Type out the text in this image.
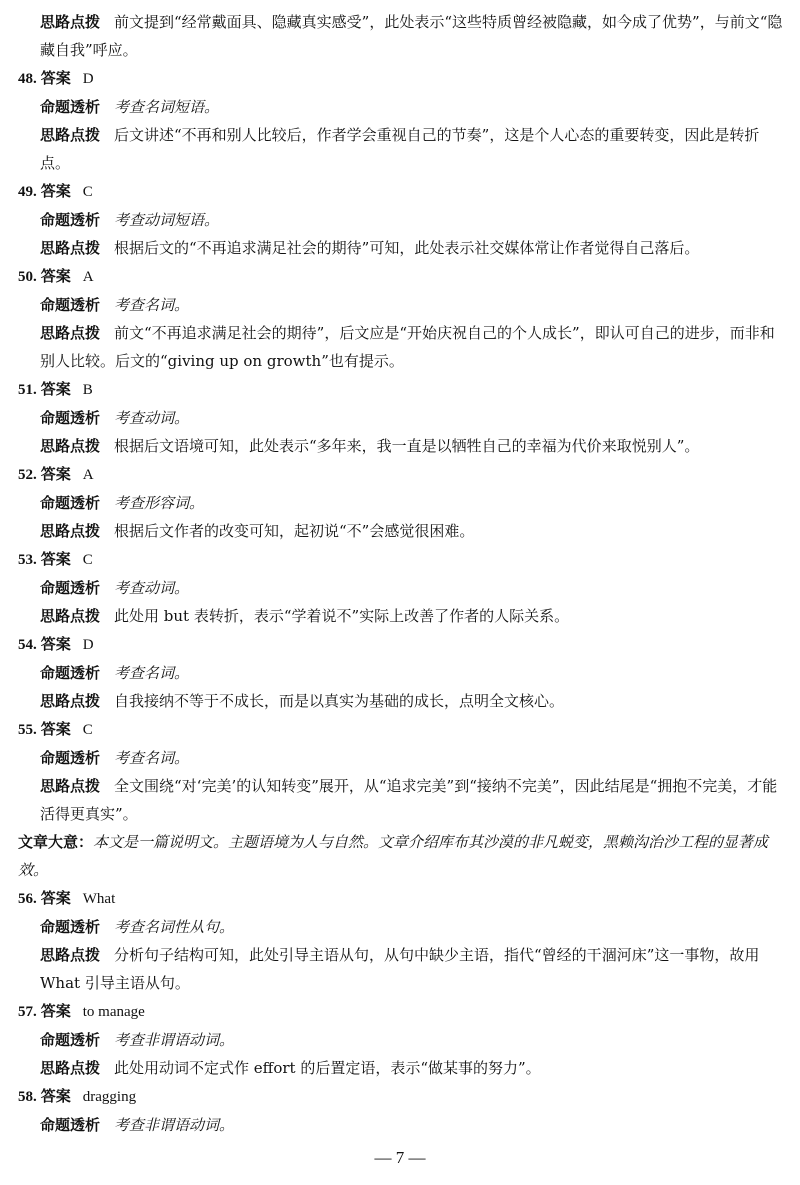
思路点拨 前文提到“经常戴面具、隐藏真实感受”，此处表示“这些特质曾经被隐藏，如今成了优势”，与前文“隐藏自我”呼应。
48. 答案 D
命题透析 考查名词短语。
思路点拨 后文讲述“不再和别人比较后，作者学会重视自己的节奏”，这是个人心态的重要转变，因此是转折点。
49. 答案 C
命题透析 考查动词短语。
思路点拨 根据后文的“不再追求满足社会的期待”可知，此处表示社交媒体常让作者觉得自己落后。
50. 答案 A
命题透析 考查名词。
思路点拨 前文“不再追求满足社会的期待”，后文应是“开始庆祝自己的个人成长”，即认可自己的进步，而非和别人比较。后文的“giving up on growth”也有提示。
51. 答案 B
命题透析 考查动词。
思路点拨 根据后文语境可知，此处表示“多年来，我一直是以牺牲自己的幸福为代价来取悦别人”。
52. 答案 A
命题透析 考查形容词。
思路点拨 根据后文作者的改变可知，起初说“不”会感觉很困难。
53. 答案 C
命题透析 考查动词。
思路点拨 此处用 but 表转折，表示“学着说不”实际上改善了作者的人际关系。
54. 答案 D
命题透析 考查名词。
思路点拨 自我接纳不等于不成长，而是以真实为基础的成长，点明全文核心。
55. 答案 C
命题透析 考查名词。
思路点拨 全文围绕“对‘完美’的认知转变”展开，从“追求完美”到“接纳不完美”，因此结尾是“拥抱不完美，才能活得更真实”。
文章大意：本文是一篇说明文。主题语境为人与自然。文章介绍库布其沙漠的非凡蜕变，黑赖沟治沙工程的显著成效。
56. 答案 What
命题透析 考查名词性从句。
思路点拨 分析句子结构可知，此处引导主语从句，从句中缺少主语，指代“曾经的干涸河床”这一事物，故用 What 引导主语从句。
57. 答案 to manage
命题透析 考查非谓语动词。
思路点拨 此处用动词不定式作 effort 的后置定语，表示“做某事的努力”。
58. 答案 dragging
命题透析 考查非谓语动词。
— 7 —
